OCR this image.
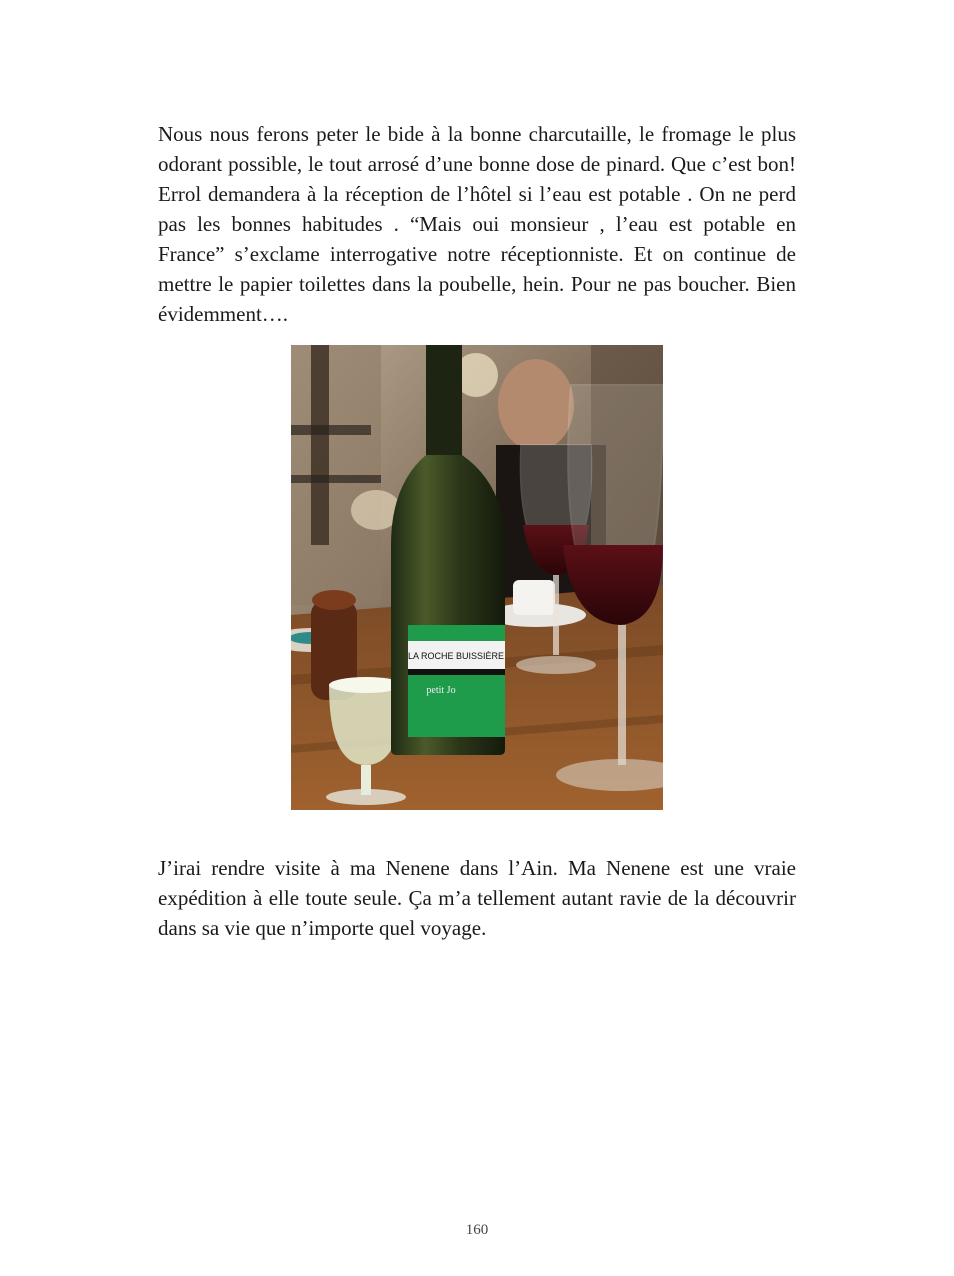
Nous nous ferons peter le bide à la bonne charcutaille, le fromage le plus odorant possible, le tout arrosé d’une bonne dose de pinard. Que c’est bon! Errol demandera à la réception de l’hôtel si l’eau est potable . On ne perd pas les bonnes habitudes . “Mais oui monsieur , l’eau est potable en France” s’exclame interrogative notre réceptionniste. Et on continue de mettre le papier toilettes dans la poubelle, hein. Pour ne pas boucher. Bien évidemment….

LA ROCHE BUISSIÈRE
petit Jo

J’irai rendre visite à ma Nenene dans l’Ain. Ma Nenene est une vraie expédition à elle toute seule. Ça m’a tellement autant ravie de la découvrir dans sa vie que n’importe quel voyage.

160
